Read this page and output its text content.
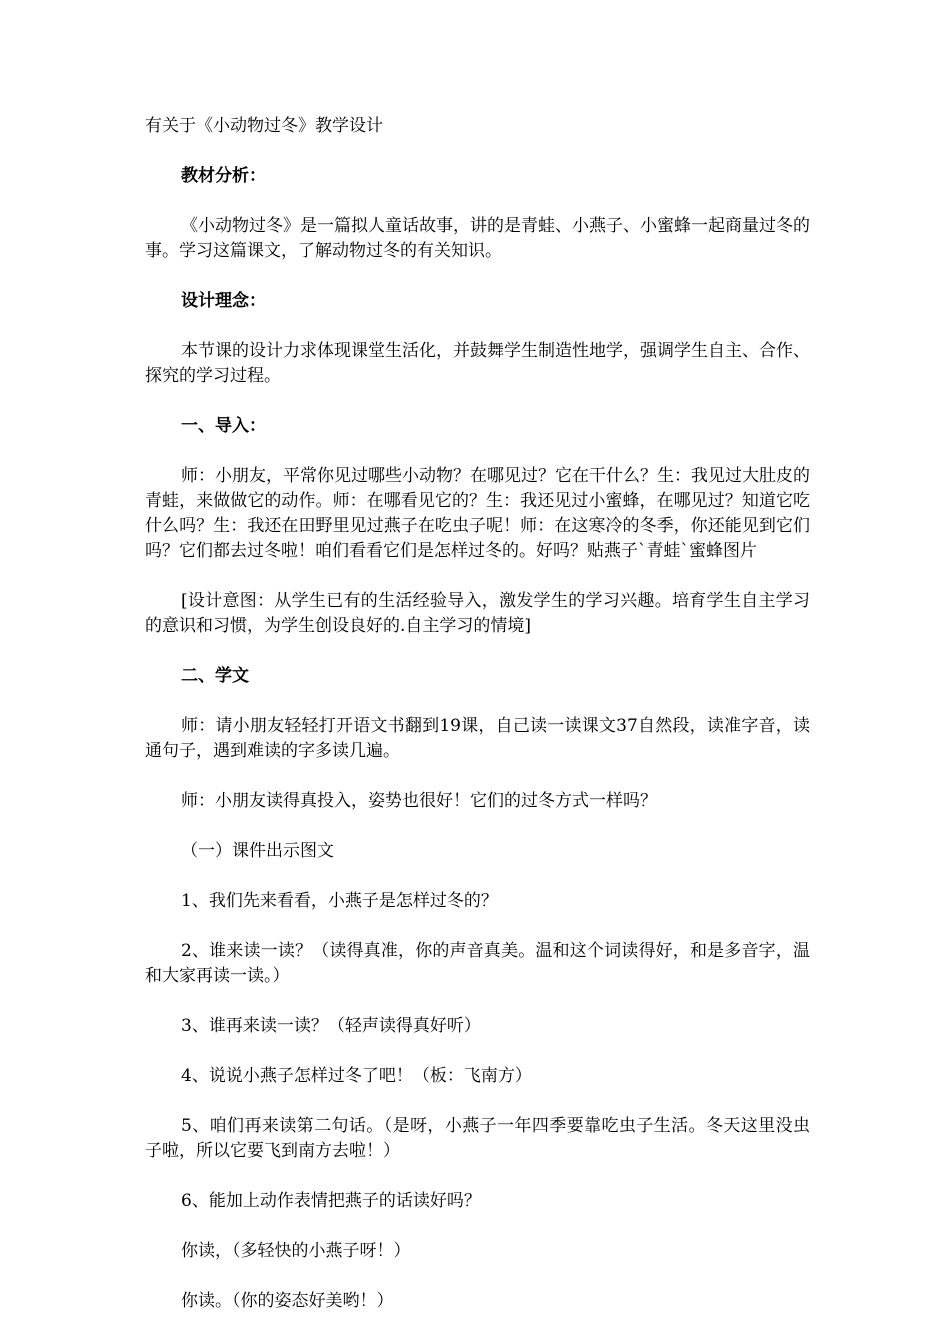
有关于《小动物过冬》教学设计

教材分析：

《小动物过冬》是一篇拟人童话故事，讲的是青蛙、小燕子、小蜜蜂一起商量过冬的事。学习这篇课文，了解动物过冬的有关知识。

设计理念：

本节课的设计力求体现课堂生活化，并鼓舞学生制造性地学，强调学生自主、合作、探究的学习过程。

一、导入：

师：小朋友，平常你见过哪些小动物？在哪见过？它在干什么？生：我见过大肚皮的青蛙，来做做它的动作。师：在哪看见它的？生：我还见过小蜜蜂，在哪见过？知道它吃什么吗？生：我还在田野里见过燕子在吃虫子呢！师：在这寒冷的冬季，你还能见到它们吗？它们都去过冬啦！咱们看看它们是怎样过冬的。好吗？贴燕子`青蛙`蜜蜂图片

[设计意图：从学生已有的生活经验导入，激发学生的学习兴趣。培育学生自主学习的意识和习惯，为学生创设良好的.自主学习的情境]

二、学文

师：请小朋友轻轻打开语文书翻到19课，自己读一读课文37自然段，读准字音，读通句子，遇到难读的字多读几遍。

师：小朋友读得真投入，姿势也很好！它们的过冬方式一样吗？

（一）课件出示图文

1、我们先来看看，小燕子是怎样过冬的？

2、谁来读一读？（读得真准，你的声音真美。温和这个词读得好，和是多音字，温和大家再读一读。）

3、谁再来读一读？（轻声读得真好听）

4、说说小燕子怎样过冬了吧！（板：飞南方）

5、咱们再来读第二句话。（是呀，小燕子一年四季要靠吃虫子生活。冬天这里没虫子啦，所以它要飞到南方去啦！）

6、能加上动作表情把燕子的话读好吗？

你读，（多轻快的小燕子呀！）

你读。（你的姿态好美哟！）
